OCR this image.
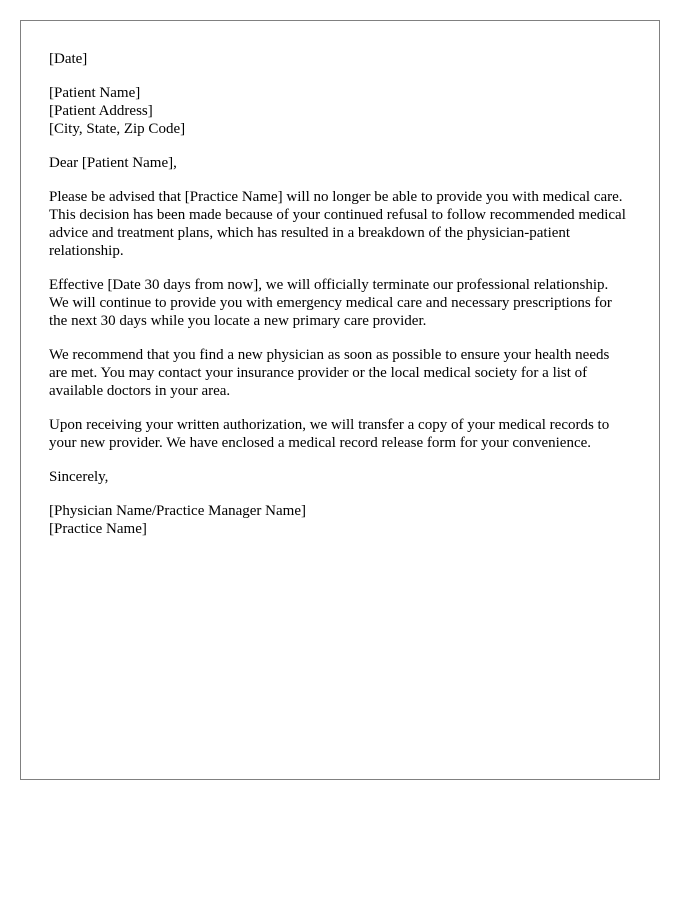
[Date]
[Patient Name]
[Patient Address]
[City, State, Zip Code]

Dear [Patient Name],

Please be advised that [Practice Name] will no longer be able to provide you with medical care. This decision has been made because of your continued refusal to follow recommended medical advice and treatment plans, which has resulted in a breakdown of the physician-patient relationship.

Effective [Date 30 days from now], we will officially terminate our professional relationship. We will continue to provide you with emergency medical care and necessary prescriptions for the next 30 days while you locate a new primary care provider.

We recommend that you find a new physician as soon as possible to ensure your health needs are met. You may contact your insurance provider or the local medical society for a list of available doctors in your area.

Upon receiving your written authorization, we will transfer a copy of your medical records to your new provider. We have enclosed a medical record release form for your convenience.

Sincerely,

[Physician Name/Practice Manager Name]
[Practice Name]
